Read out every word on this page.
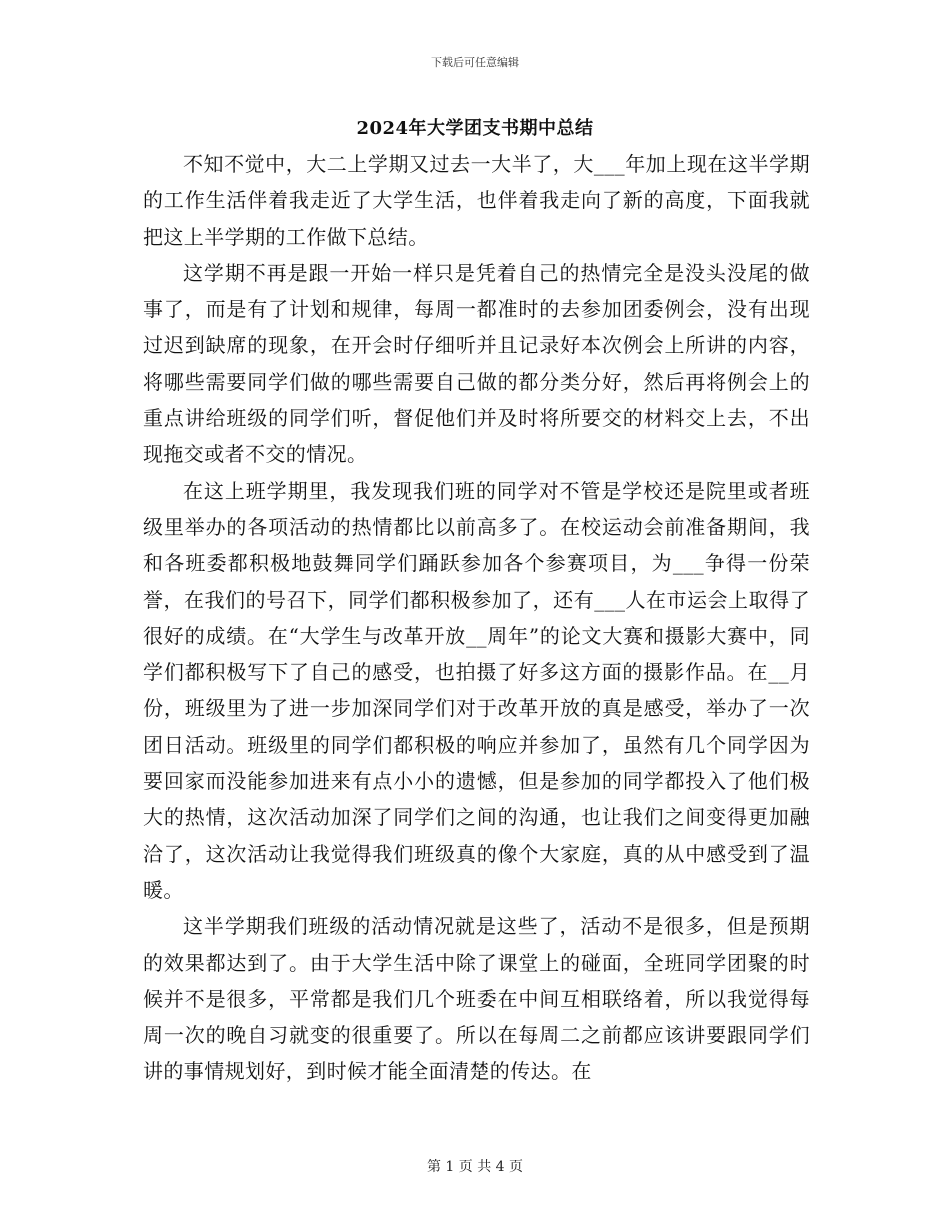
下载后可任意编辑
2024年大学团支书期中总结

不知不觉中，大二上学期又过去一大半了，大___年加上现在这半学期的工作生活伴着我走近了大学生活，也伴着我走向了新的高度，下面我就把这上半学期的工作做下总结。

这学期不再是跟一开始一样只是凭着自己的热情完全是没头没尾的做事了，而是有了计划和规律，每周一都准时的去参加团委例会，没有出现过迟到缺席的现象，在开会时仔细听并且记录好本次例会上所讲的内容，将哪些需要同学们做的哪些需要自己做的都分类分好，然后再将例会上的重点讲给班级的同学们听，督促他们并及时将所要交的材料交上去，不出现拖交或者不交的情况。

在这上班学期里，我发现我们班的同学对不管是学校还是院里或者班级里举办的各项活动的热情都比以前高多了。在校运动会前准备期间，我和各班委都积极地鼓舞同学们踊跃参加各个参赛项目，为___争得一份荣誉，在我们的号召下，同学们都积极参加了，还有___人在市运会上取得了很好的成绩。在“大学生与改革开放__周年”的论文大赛和摄影大赛中，同学们都积极写下了自己的感受，也拍摄了好多这方面的摄影作品。在__月份，班级里为了进一步加深同学们对于改革开放的真是感受，举办了一次团日活动。班级里的同学们都积极的响应并参加了，虽然有几个同学因为要回家而没能参加进来有点小小的遗憾，但是参加的同学都投入了他们极大的热情，这次活动加深了同学们之间的沟通，也让我们之间变得更加融洽了，这次活动让我觉得我们班级真的像个大家庭，真的从中感受到了温暖。

这半学期我们班级的活动情况就是这些了，活动不是很多，但是预期的效果都达到了。由于大学生活中除了课堂上的碰面，全班同学团聚的时候并不是很多，平常都是我们几个班委在中间互相联络着，所以我觉得每周一次的晚自习就变的很重要了。所以在每周二之前都应该讲要跟同学们讲的事情规划好，到时候才能全面清楚的传达。在

第 1 页 共 4 页
